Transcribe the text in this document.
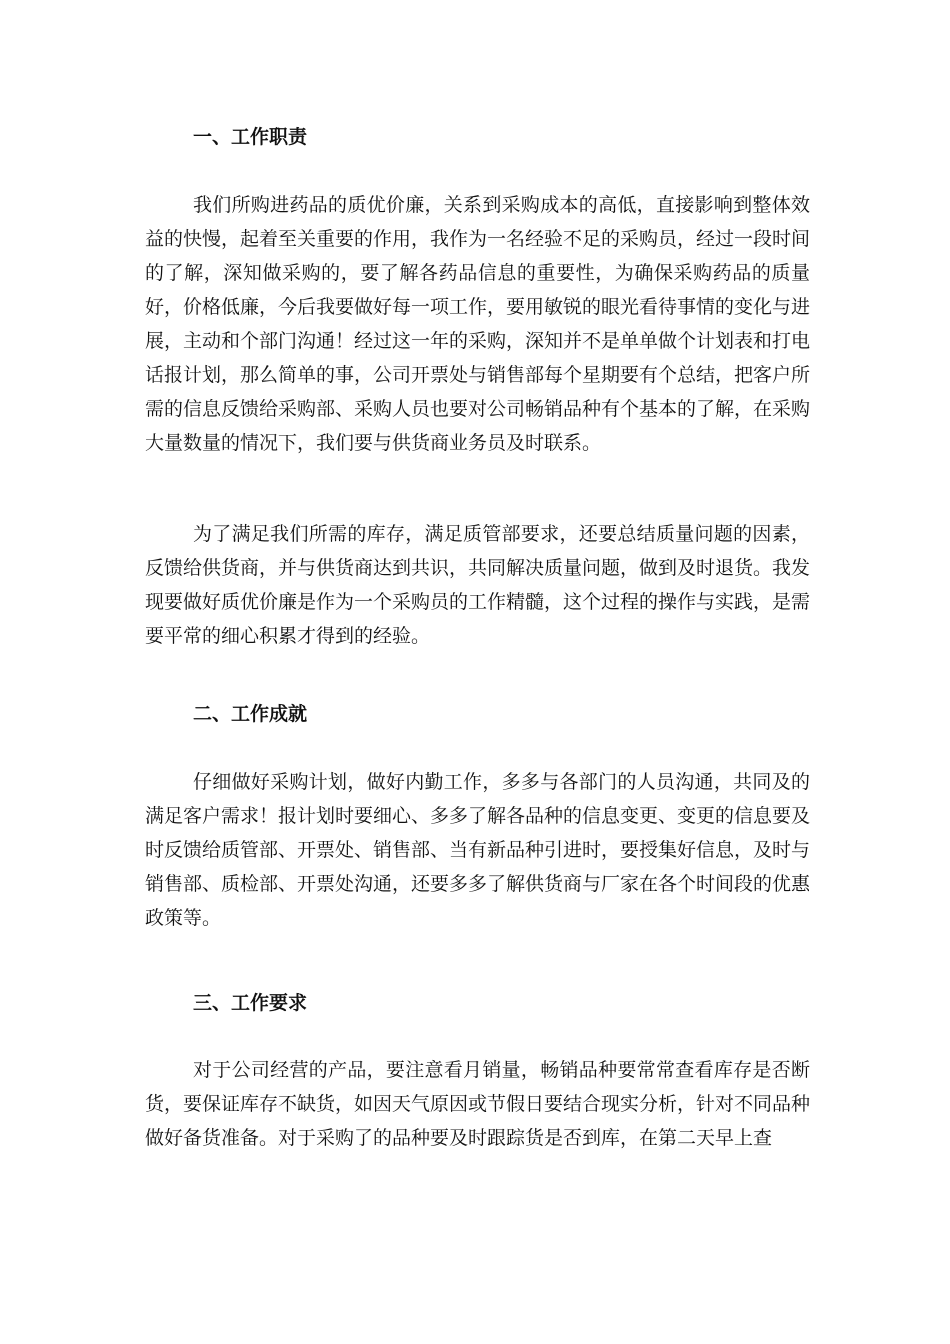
一、工作职责

我们所购进药品的质优价廉，关系到采购成本的高低，直接影响到整体效益的快慢，起着至关重要的作用，我作为一名经验不足的采购员，经过一段时间的了解，深知做采购的，要了解各药品信息的重要性，为确保采购药品的质量好，价格低廉，今后我要做好每一项工作，要用敏锐的眼光看待事情的变化与进展，主动和个部门沟通！经过这一年的采购，深知并不是单单做个计划表和打电话报计划，那么简单的事，公司开票处与销售部每个星期要有个总结，把客户所需的信息反馈给采购部、采购人员也要对公司畅销品种有个基本的了解，在采购大量数量的情况下，我们要与供货商业务员及时联系。

为了满足我们所需的库存，满足质管部要求，还要总结质量问题的因素，反馈给供货商，并与供货商达到共识，共同解决质量问题，做到及时退货。我发现要做好质优价廉是作为一个采购员的工作精髓，这个过程的操作与实践，是需要平常的细心积累才得到的经验。

二、工作成就

仔细做好采购计划，做好内勤工作，多多与各部门的人员沟通，共同及的满足客户需求！报计划时要细心、多多了解各品种的信息变更、变更的信息要及时反馈给质管部、开票处、销售部、当有新品种引进时，要授集好信息，及时与销售部、质检部、开票处沟通，还要多多了解供货商与厂家在各个时间段的优惠政策等。

三、工作要求

对于公司经营的产品，要注意看月销量，畅销品种要常常查看库存是否断货，要保证库存不缺货，如因天气原因或节假日要结合现实分析，针对不同品种做好备货准备。对于采购了的品种要及时跟踪货是否到库，在第二天早上查
